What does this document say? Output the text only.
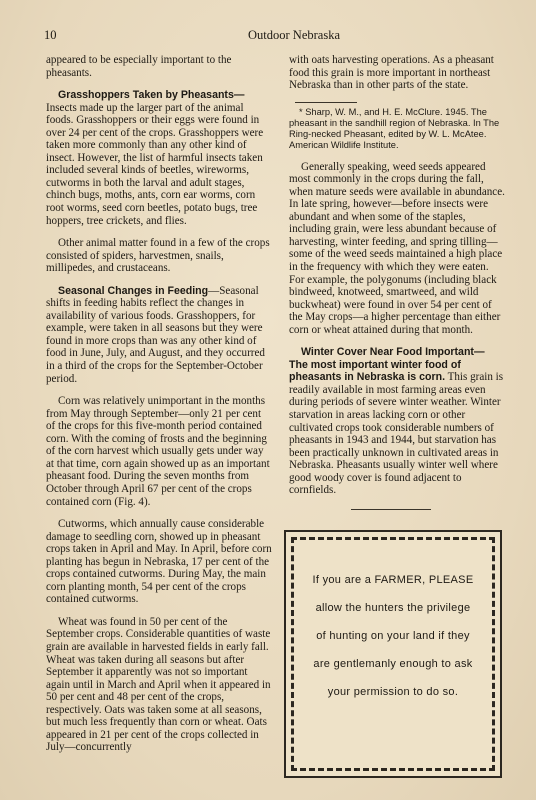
10	Outdoor Nebraska

appeared to be especially important to the pheasants.

Grasshoppers Taken by Pheasants— Insects made up the larger part of the animal foods. Grasshoppers or their eggs were found in over 24 per cent of the crops. Grasshoppers were taken more commonly than any other kind of insect. However, the list of harmful insects taken included several kinds of beetles, wireworms, cutworms in both the larval and adult stages, chinch bugs, moths, ants, corn ear worms, corn root worms, seed corn beetles, potato bugs, tree hoppers, tree crickets, and flies.

Other animal matter found in a few of the crops consisted of spiders, harvestmen, snails, millipedes, and crustaceans.

Seasonal Changes in Feeding—Seasonal shifts in feeding habits reflect the changes in availability of various foods. Grasshoppers, for example, were taken in all seasons but they were found in more crops than was any other kind of food in June, July, and August, and they occurred in a third of the crops for the September-October period.

Corn was relatively unimportant in the months from May through September—only 21 per cent of the crops for this five-month period contained corn. With the coming of frosts and the beginning of the corn harvest which usually gets under way at that time, corn again showed up as an important pheasant food. During the seven months from October through April 67 per cent of the crops contained corn (Fig. 4).

Cutworms, which annually cause considerable damage to seedling corn, showed up in pheasant crops taken in April and May. In April, before corn planting has begun in Nebraska, 17 per cent of the crops contained cutworms. During May, the main corn planting month, 54 per cent of the crops contained cutworms.

Wheat was found in 50 per cent of the September crops. Considerable quantities of waste grain are available in harvested fields in early fall. Wheat was taken during all seasons but after September it apparently was not so important again until in March and April when it appeared in 50 per cent and 48 per cent of the crops, respectively. Oats was taken some at all seasons, but much less frequently than corn or wheat. Oats appeared in 21 per cent of the crops collected in July—concurrently

with oats harvesting operations. As a pheasant food this grain is more important in northeast Nebraska than in other parts of the state.

* Sharp, W. M., and H. E. McClure. 1945. The pheasant in the sandhill region of Nebraska. In The Ring-necked Pheasant, edited by W. L. McAtee. American Wildlife Institute.

Generally speaking, weed seeds appeared most commonly in the crops during the fall, when mature seeds were available in abundance. In late spring, however—before insects were abundant and when some of the staples, including grain, were less abundant because of harvesting, winter feeding, and spring tilling—some of the weed seeds maintained a high place in the frequency with which they were eaten. For example, the polygonums (including black bindweed, knotweed, smartweed, and wild buckwheat) were found in over 54 per cent of the May crops—a higher percentage than either corn or wheat attained during that month.

Winter Cover Near Food Important— The most important winter food of pheasants in Nebraska is corn. This grain is readily available in most farming areas even during periods of severe winter weather. Winter starvation in areas lacking corn or other cultivated crops took considerable numbers of pheasants in 1943 and 1944, but starvation has been practically unknown in cultivated areas in Nebraska. Pheasants usually winter well where good woody cover is found adjacent to cornfields.

If you are a FARMER, PLEASE
allow the hunters the privilege
of hunting on your land if they
are gentlemanly enough to ask
your permission to do so.
